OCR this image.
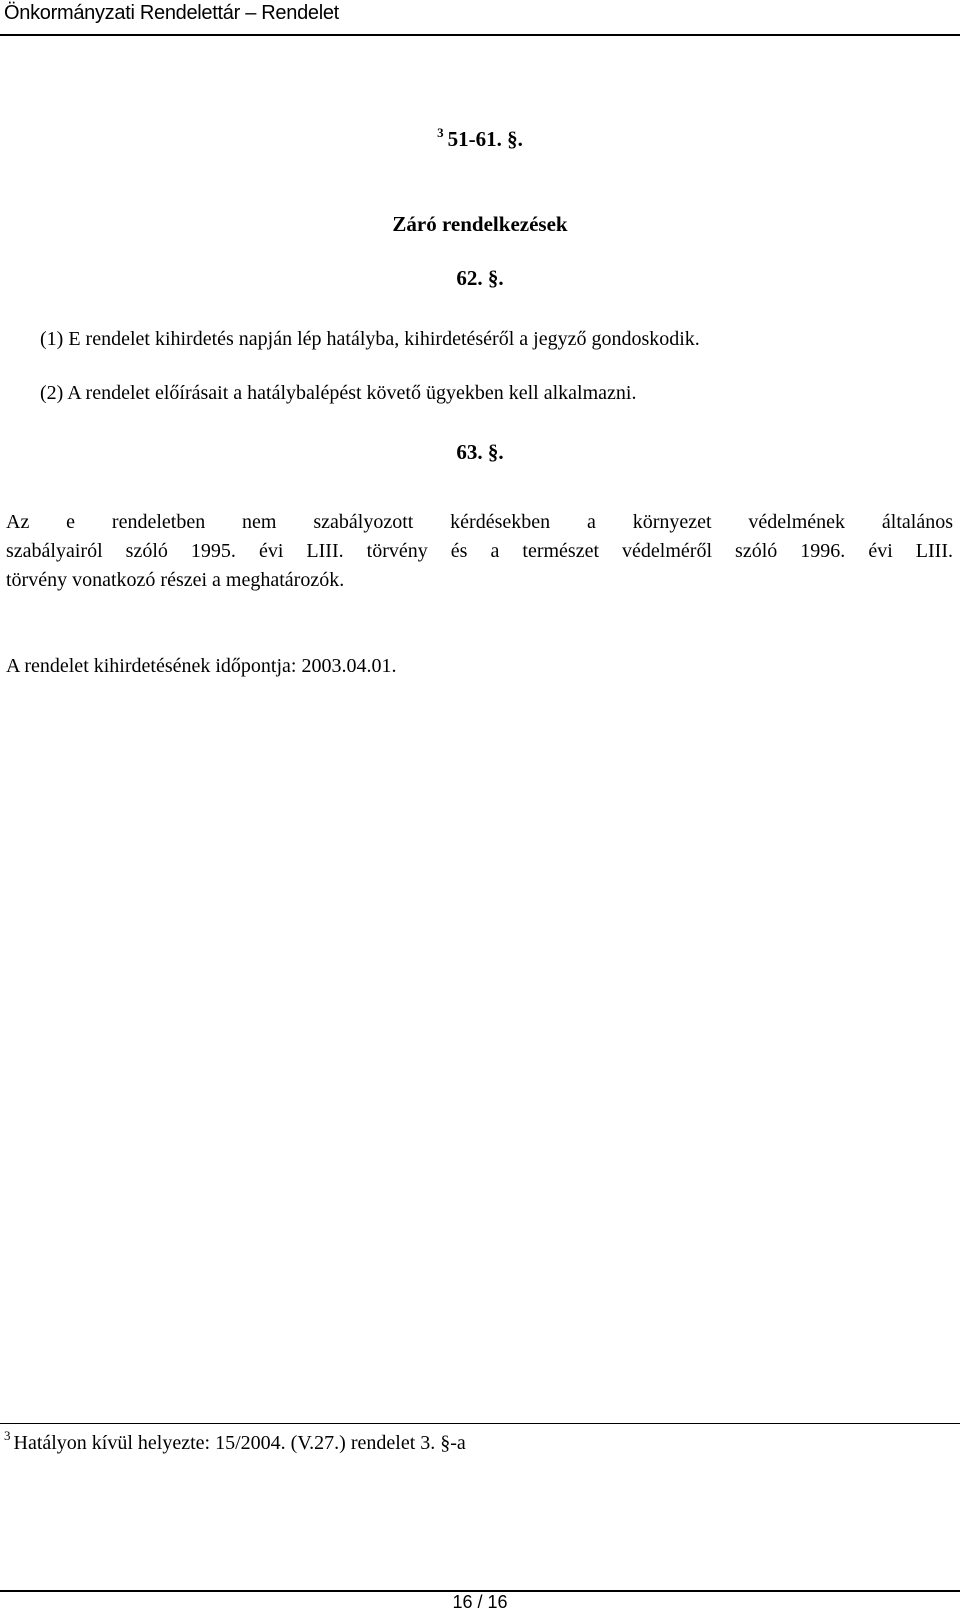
Önkormányzati Rendelettár – Rendelet
$^3$ 51-61. §.
Záró rendelkezések
62. §.
(1) E rendelet kihirdetés napján lép hatályba, kihirdetéséről a jegyző gondoskodik.
(2) A rendelet előírásait a hatálybalépést követő ügyekben kell alkalmazni.
63. §.
Az e rendeletben nem szabályozott kérdésekben a környezet védelmének általános
szabályairól szóló 1995. évi LIII. törvény és a természet védelméről szóló 1996. évi LIII.
törvény vonatkozó részei a meghatározók.
A rendelet kihirdetésének időpontja: 2003.04.01.
$^3$ Hatályon kívül helyezte: 15/2004. (V.27.) rendelet 3. §-a
16 / 16
